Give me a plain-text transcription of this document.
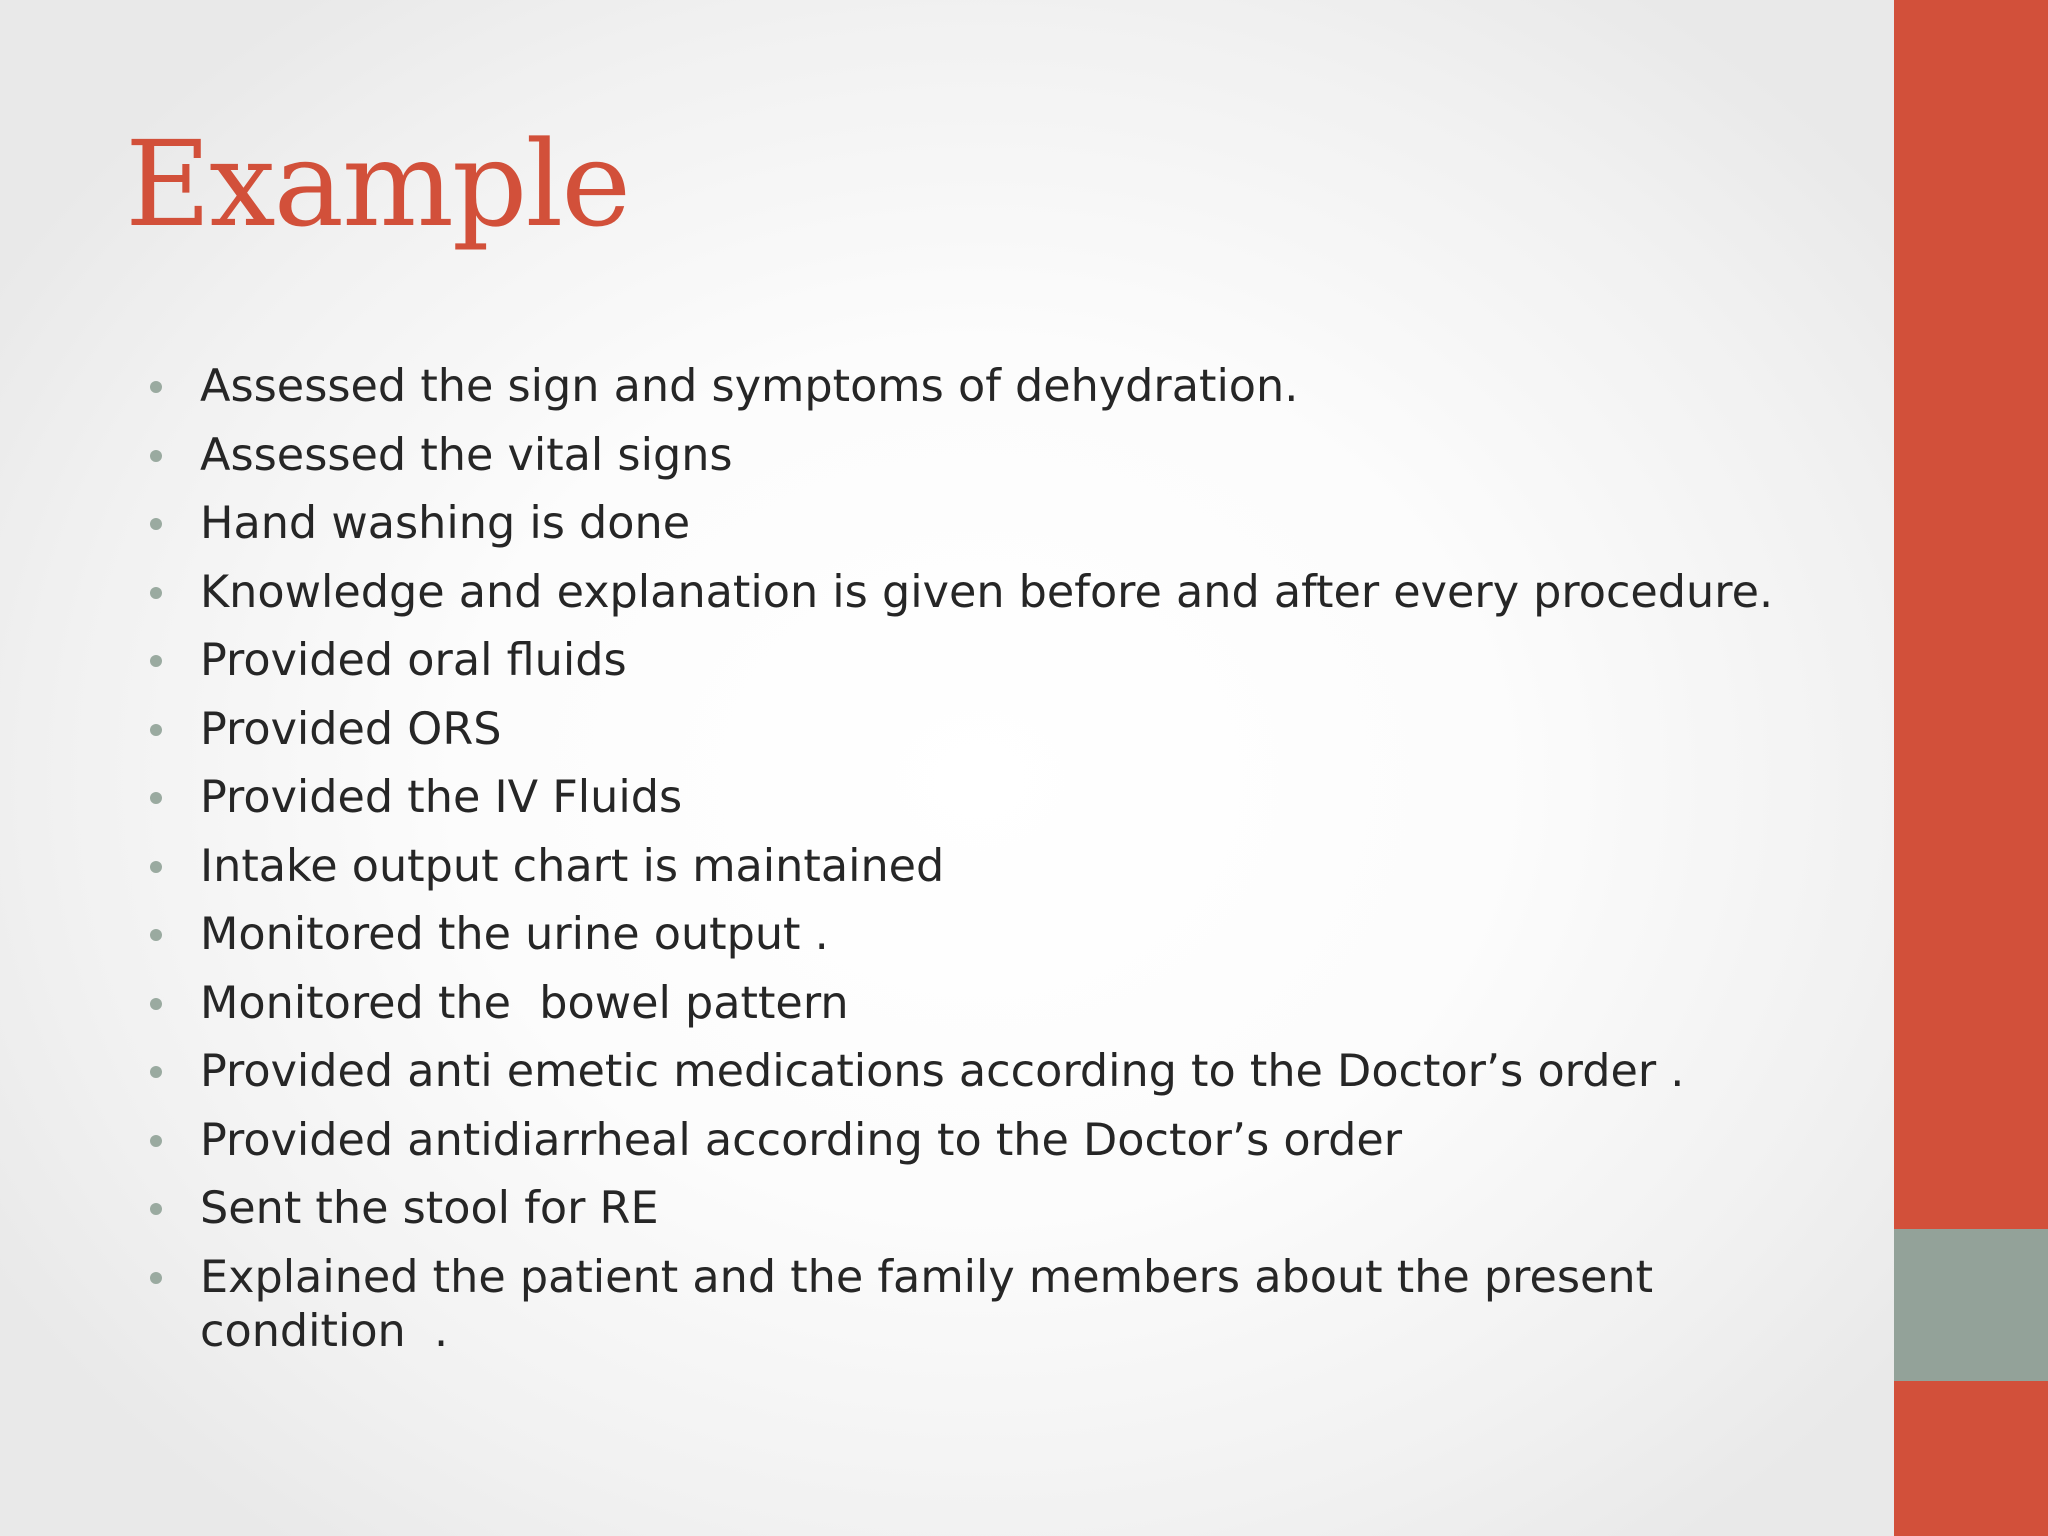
Example
Assessed the sign and symptoms of dehydration.
Assessed the vital signs
Hand washing is done
Knowledge and explanation is given before and after every procedure.
Provided oral fluids
Provided ORS
Provided the IV Fluids
Intake output chart is maintained
Monitored the urine output .
Monitored the  bowel pattern
Provided anti emetic medications according to the Doctor’s order .
Provided antidiarrheal according to the Doctor’s order
Sent the stool for RE
Explained the patient and the family members about the present condition  .
